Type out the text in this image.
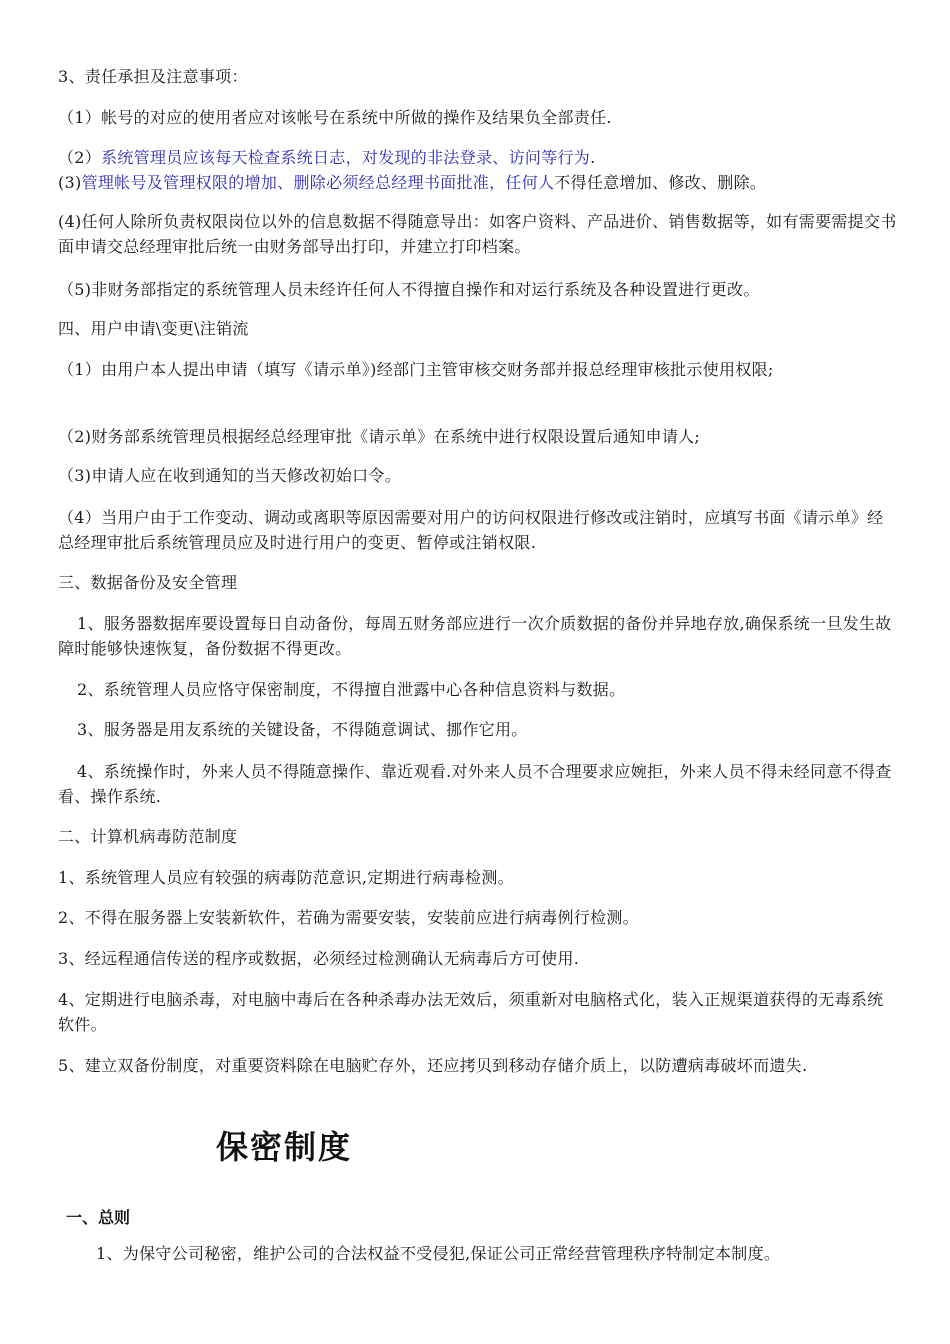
3、责任承担及注意事项：
（1）帐号的对应的使用者应对该帐号在系统中所做的操作及结果负全部责任.
（2）系统管理员应该每天检查系统日志，对发现的非法登录、访问等行为.
(3)管理帐号及管理权限的增加、删除必须经总经理书面批准，任何人不得任意增加、修改、删除。
(4)任何人除所负责权限岗位以外的信息数据不得随意导出：如客户资料、产品进价、销售数据等，如有需要需提交书面申请交总经理审批后统一由财务部导出打印，并建立打印档案。
（5)非财务部指定的系统管理人员未经许任何人不得擅自操作和对运行系统及各种设置进行更改。
四、用户申请\变更\注销流
（1）由用户本人提出申请（填写《请示单》)经部门主管审核交财务部并报总经理审核批示使用权限;
（2)财务部系统管理员根据经总经理审批《请示单》在系统中进行权限设置后通知申请人;
（3)申请人应在收到通知的当天修改初始口令。
（4）当用户由于工作变动、调动或离职等原因需要对用户的访问权限进行修改或注销时，应填写书面《请示单》经总经理审批后系统管理员应及时进行用户的变更、暂停或注销权限.
三、数据备份及安全管理
1、服务器数据库要设置每日自动备份，每周五财务部应进行一次介质数据的备份并异地存放,确保系统一旦发生故障时能够快速恢复，备份数据不得更改。
2、系统管理人员应恪守保密制度，不得擅自泄露中心各种信息资料与数据。
3、服务器是用友系统的关键设备，不得随意调试、挪作它用。
4、系统操作时，外来人员不得随意操作、靠近观看.对外来人员不合理要求应婉拒，外来人员不得未经同意不得查看、操作系统.
二、计算机病毒防范制度
1、系统管理人员应有较强的病毒防范意识,定期进行病毒检测。
2、不得在服务器上安装新软件，若确为需要安装，安装前应进行病毒例行检测。
3、经远程通信传送的程序或数据，必须经过检测确认无病毒后方可使用.
4、定期进行电脑杀毒，对电脑中毒后在各种杀毒办法无效后，须重新对电脑格式化，装入正规渠道获得的无毒系统软件。
5、建立双备份制度，对重要资料除在电脑贮存外，还应拷贝到移动存储介质上，以防遭病毒破坏而遗失.
保密制度
一、总则
1、为保守公司秘密，维护公司的合法权益不受侵犯,保证公司正常经营管理秩序特制定本制度。
